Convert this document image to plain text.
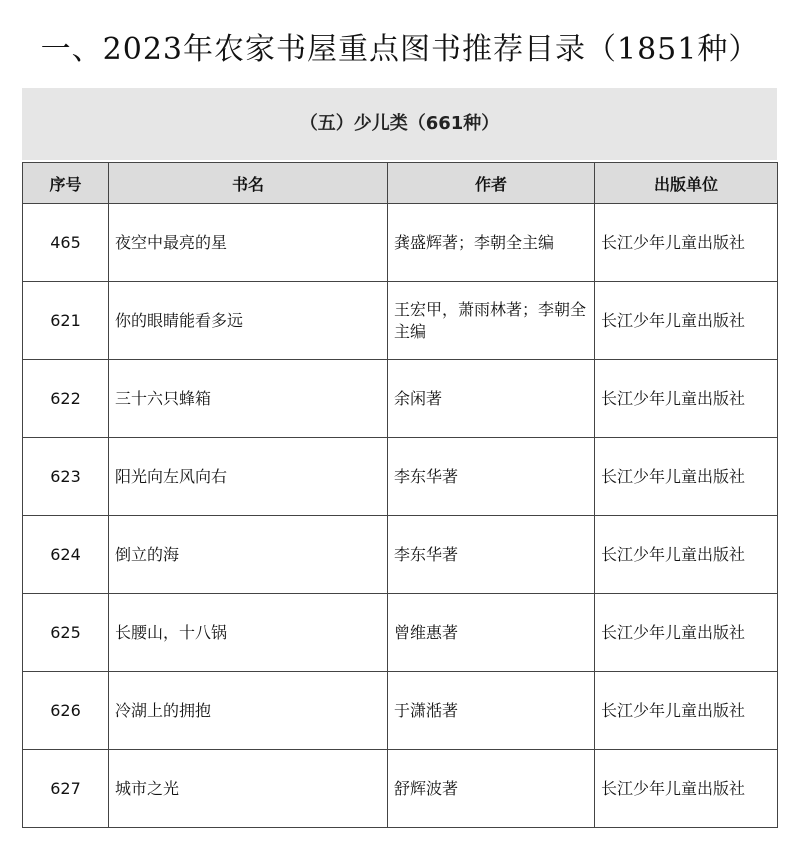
一、2023年农家书屋重点图书推荐目录（1851种）
（五）少儿类（661种）
序号	书名	作者	出版单位
465	夜空中最亮的星	龚盛辉著；李朝全主编	长江少年儿童出版社
621	你的眼睛能看多远	王宏甲，萧雨林著；李朝全主编	长江少年儿童出版社
622	三十六只蜂箱	余闲著	长江少年儿童出版社
623	阳光向左风向右	李东华著	长江少年儿童出版社
624	倒立的海	李东华著	长江少年儿童出版社
625	长腰山，十八锅	曾维惠著	长江少年儿童出版社
626	冷湖上的拥抱	于潇湉著	长江少年儿童出版社
627	城市之光	舒辉波著	长江少年儿童出版社
